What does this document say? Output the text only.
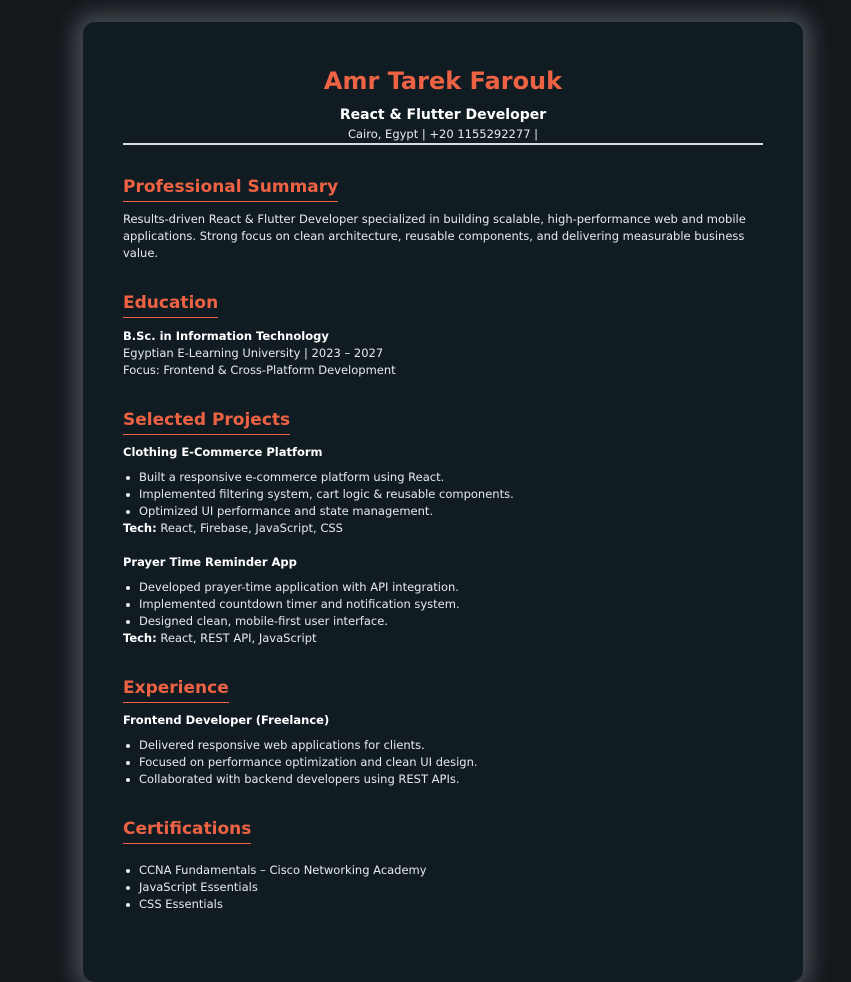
Amr Tarek Farouk
React & Flutter Developer
Cairo, Egypt | +20 1155292277 |
Professional Summary
Results-driven React & Flutter Developer specialized in building scalable, high-performance web and mobile applications. Strong focus on clean architecture, reusable components, and delivering measurable business value.
Education
B.Sc. in Information Technology
Egyptian E-Learning University | 2023 – 2027
Focus: Frontend & Cross-Platform Development
Selected Projects
Clothing E-Commerce Platform
Built a responsive e-commerce platform using React.
Implemented filtering system, cart logic & reusable components.
Optimized UI performance and state management.
Tech: React, Firebase, JavaScript, CSS
Prayer Time Reminder App
Developed prayer-time application with API integration.
Implemented countdown timer and notification system.
Designed clean, mobile-first user interface.
Tech: React, REST API, JavaScript
Experience
Frontend Developer (Freelance)
Delivered responsive web applications for clients.
Focused on performance optimization and clean UI design.
Collaborated with backend developers using REST APIs.
Certifications
CCNA Fundamentals – Cisco Networking Academy
JavaScript Essentials
CSS Essentials
